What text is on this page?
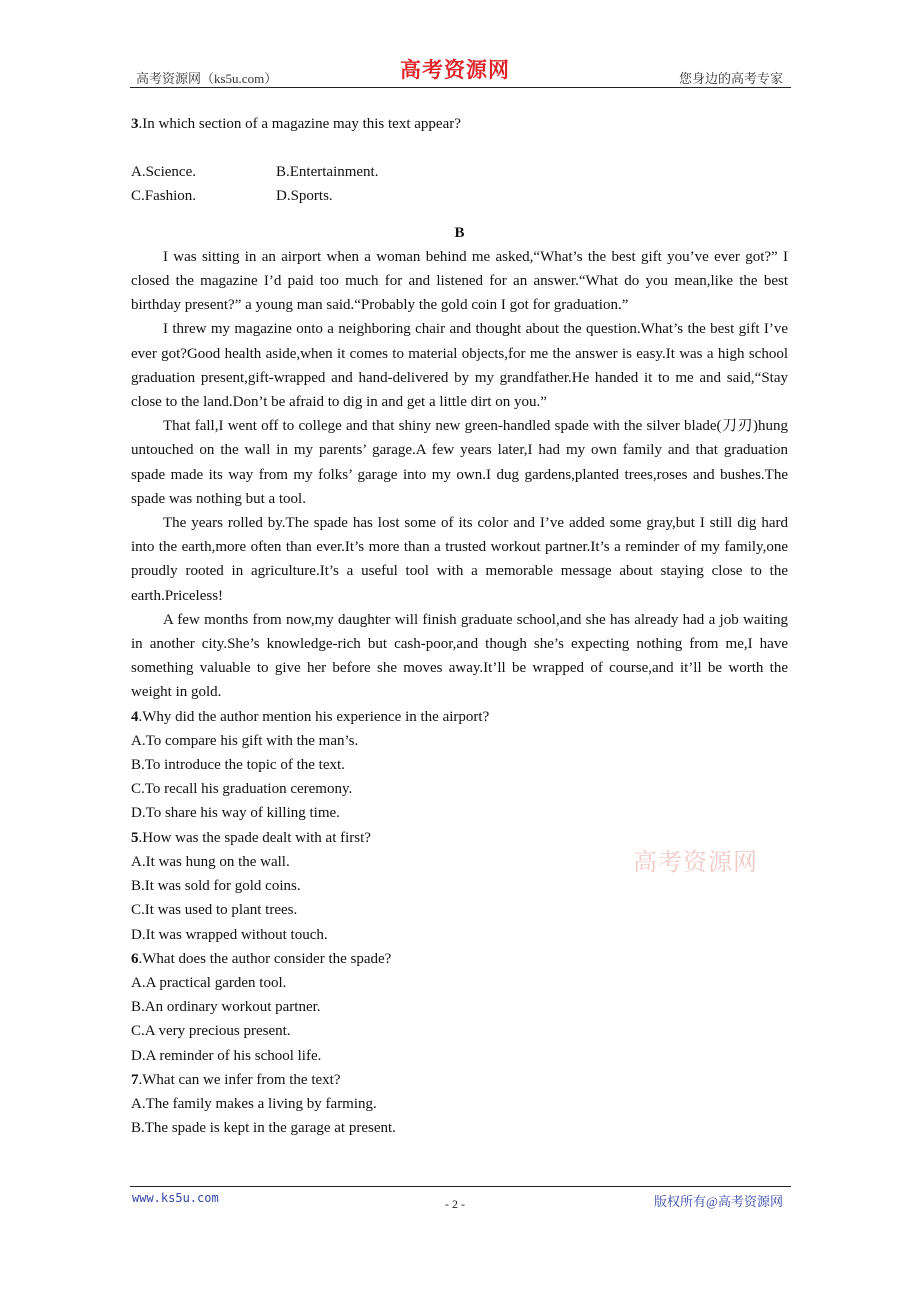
高考资源网（ks5u.com）	高考资源网	您身边的高考专家

3.In which section of a magazine may this text appear?

A.Science.	B.Entertainment.
C.Fashion.	D.Sports.
B

I was sitting in an airport when a woman behind me asked,“What’s the best gift you’ve ever got?” I closed the magazine I’d paid too much for and listened for an answer.“What do you mean,like the best birthday present?” a young man said.“Probably the gold coin I got for graduation.”

I threw my magazine onto a neighboring chair and thought about the question.What’s the best gift I’ve ever got?Good health aside,when it comes to material objects,for me the answer is easy.It was a high school graduation present,gift-wrapped and hand-delivered by my grandfather.He handed it to me and said,“Stay close to the land.Don’t be afraid to dig in and get a little dirt on you.”

That fall,I went off to college and that shiny new green-handled spade with the silver blade(刀刃)hung untouched on the wall in my parents’ garage.A few years later,I had my own family and that graduation spade made its way from my folks’ garage into my own.I dug gardens,planted trees,roses and bushes.The spade was nothing but a tool.

The years rolled by.The spade has lost some of its color and I’ve added some gray,but I still dig hard into the earth,more often than ever.It’s more than a trusted workout partner.It’s a reminder of my family,one proudly rooted in agriculture.It’s a useful tool with a memorable message about staying close to the earth.Priceless!

A few months from now,my daughter will finish graduate school,and she has already had a job waiting in another city.She’s knowledge-rich but cash-poor,and though she’s expecting nothing from me,I have something valuable to give her before she moves away.It’ll be wrapped of course,and it’ll be worth the weight in gold.

4.Why did the author mention his experience in the airport?

A.To compare his gift with the man’s.

B.To introduce the topic of the text.

C.To recall his graduation ceremony.

D.To share his way of killing time.

5.How was the spade dealt with at first?

A.It was hung on the wall.

B.It was sold for gold coins.

C.It was used to plant trees.

D.It was wrapped without touch.

6.What does the author consider the spade?

A.A practical garden tool.

B.An ordinary workout partner.

C.A very precious present.

D.A reminder of his school life.

7.What can we infer from the text?

A.The family makes a living by farming.

B.The spade is kept in the garage at present.

高考资源网
www.ks5u.com	- 2 -	版权所有@高考资源网
